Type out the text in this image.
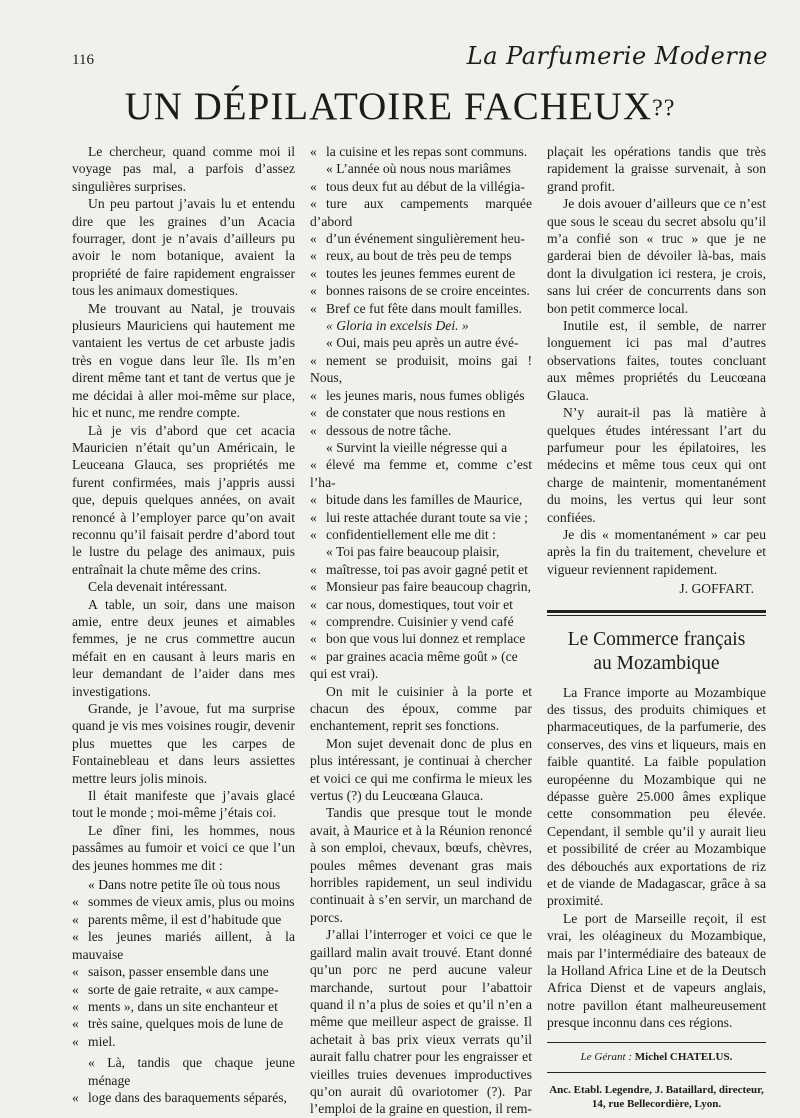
116	La Parfumerie Moderne
UN DÉPILATOIRE FACHEUX??

Le chercheur, quand comme moi il voyage pas mal, a parfois d’assez singulières surprises.

Un peu partout j’avais lu et entendu dire que les graines d’un Acacia fourrager, dont je n’avais d’ailleurs pu avoir le nom botanique, avaient la propriété de faire rapidement engraisser tous les animaux domestiques.

Me trouvant au Natal, je trouvais plusieurs Mauriciens qui hautement me vantaient les vertus de cet arbuste jadis très en vogue dans leur île. Ils m’en dirent même tant et tant de vertus que je me décidai à aller moi-même sur place, hic et nunc, me rendre compte.

Là je vis d’abord que cet acacia Mauricien n’était qu’un Américain, le Leuceana Glauca, ses propriétés me furent confirmées, mais j’appris aussi que, depuis quelques années, on avait renoncé à l’employer parce qu’on avait reconnu qu’il faisait perdre d’abord tout le lustre du pelage des animaux, puis entraînait la chute même des crins.

Cela devenait intéressant.

A table, un soir, dans une maison amie, entre deux jeunes et aimables femmes, je ne crus commettre aucun méfait en en causant à leurs maris en leur demandant de l’aider dans mes investigations.

Grande, je l’avoue, fut ma surprise quand je vis mes voisines rougir, devenir plus muettes que les carpes de Fontainebleau et dans leurs assiettes mettre leurs jolis minois.

Il était manifeste que j’avais glacé tout le monde ; moi-même j’étais coi.

Le dîner fini, les hommes, nous passâmes au fumoir et voici ce que l’un des jeunes hommes me dit :

« Dans notre petite île où tous nous
« sommes de vieux amis, plus ou moins
« parents même, il est d’habitude que
« les jeunes mariés aillent, à la mauvaise
« saison, passer ensemble dans une
« sorte de gaie retraite, « aux campe-
« ments », dans un site enchanteur et
« très saine, quelques mois de lune de
« miel.
« Là, tandis que chaque jeune ménage
« loge dans des baraquements séparés,
« la cuisine et les repas sont communs.
« L’année où nous nous mariâmes
« tous deux fut au début de la villégia-
« ture aux campements marquée d’abord
« d’un événement singulièrement heu-
« reux, au bout de très peu de temps
« toutes les jeunes femmes eurent de
« bonnes raisons de se croire enceintes.
« Bref ce fut fête dans moult familles.
« Gloria in excelsis Dei. »
« Oui, mais peu après un autre évé-
« nement se produisit, moins gai ! Nous,
« les jeunes maris, nous fumes obligés
« de constater que nous restions en
« dessous de notre tâche.
« Survint la vieille négresse qui a
« élevé ma femme et, comme c’est l’ha-
« bitude dans les familles de Maurice,
« lui reste attachée durant toute sa vie ;
« confidentiellement elle me dit :
« Toi pas faire beaucoup plaisir,
« maîtresse, toi pas avoir gagné petit et
« Monsieur pas faire beaucoup chagrin,
« car nous, domestiques, tout voir et
« comprendre. Cuisinier y vend café
« bon que vous lui donnez et remplace
« par graines acacia même goût » (ce
qui est vrai).

On mit le cuisinier à la porte et chacun des époux, comme par enchantement, reprit ses fonctions.

Mon sujet devenait donc de plus en plus intéressant, je continuai à chercher et voici ce qui me confirma le mieux les vertus (?) du Leucœana Glauca.

Tandis que presque tout le monde avait, à Maurice et à la Réunion renoncé à son emploi, chevaux, bœufs, chèvres, poules mêmes devenant gras mais horribles rapidement, un seul individu continuait à s’en servir, un marchand de porcs.

J’allai l’interroger et voici ce que le gaillard malin avait trouvé. Etant donné qu’un porc ne perd aucune valeur marchande, surtout pour l’abattoir quand il n’a plus de soies et qu’il n’en a même que meilleur aspect de graisse. Il achetait à bas prix vieux verrats qu’il aurait fallu chatrer pour les engraisser et vieilles truies devenues improductives qu’on aurait dû ovariotomer (?). Par l’emploi de la graine en question, il rem-

plaçait les opérations tandis que très rapidement la graisse survenait, à son grand profit.

Je dois avouer d’ailleurs que ce n’est que sous le sceau du secret absolu qu’il m’a confié son « truc » que je ne garderai bien de dévoiler là-bas, mais dont la divulgation ici restera, je crois, sans lui créer de concurrents dans son bon petit commerce local.

Inutile est, il semble, de narrer longuement ici pas mal d’autres observations faites, toutes concluant aux mêmes propriétés du Leucœana Glauca.

N’y aurait-il pas là matière à quelques études intéressant l’art du parfumeur pour les épilatoires, les médecins et même tous ceux qui ont charge de maintenir, momentanément du moins, les vertus qui leur sont confiées.

Je dis « momentanément » car peu après la fin du traitement, chevelure et vigueur reviennent rapidement.

J. GOFFART.
Le Commerce français
au Mozambique

La France importe au Mozambique des tissus, des produits chimiques et pharmaceutiques, de la parfumerie, des conserves, des vins et liqueurs, mais en faible quantité. La faible population européenne du Mozambique qui ne dépasse guère 25.000 âmes explique cette consommation peu élevée. Cependant, il semble qu’il y aurait lieu et possibilité de créer au Mozambique des débouchés aux exportations de riz et de viande de Madagascar, grâce à sa proximité.

Le port de Marseille reçoit, il est vrai, les oléagineux du Mozambique, mais par l’intermédiaire des bateaux de la Holland Africa Line et de la Deutsch Africa Dienst et de vapeurs anglais, notre pavillon étant malheureusement presque inconnu dans ces régions.

Le Gérant : Michel CHATELUS.
Anc. Etabl. Legendre, J. Bataillard, directeur,
14, rue Bellecordière, Lyon.
